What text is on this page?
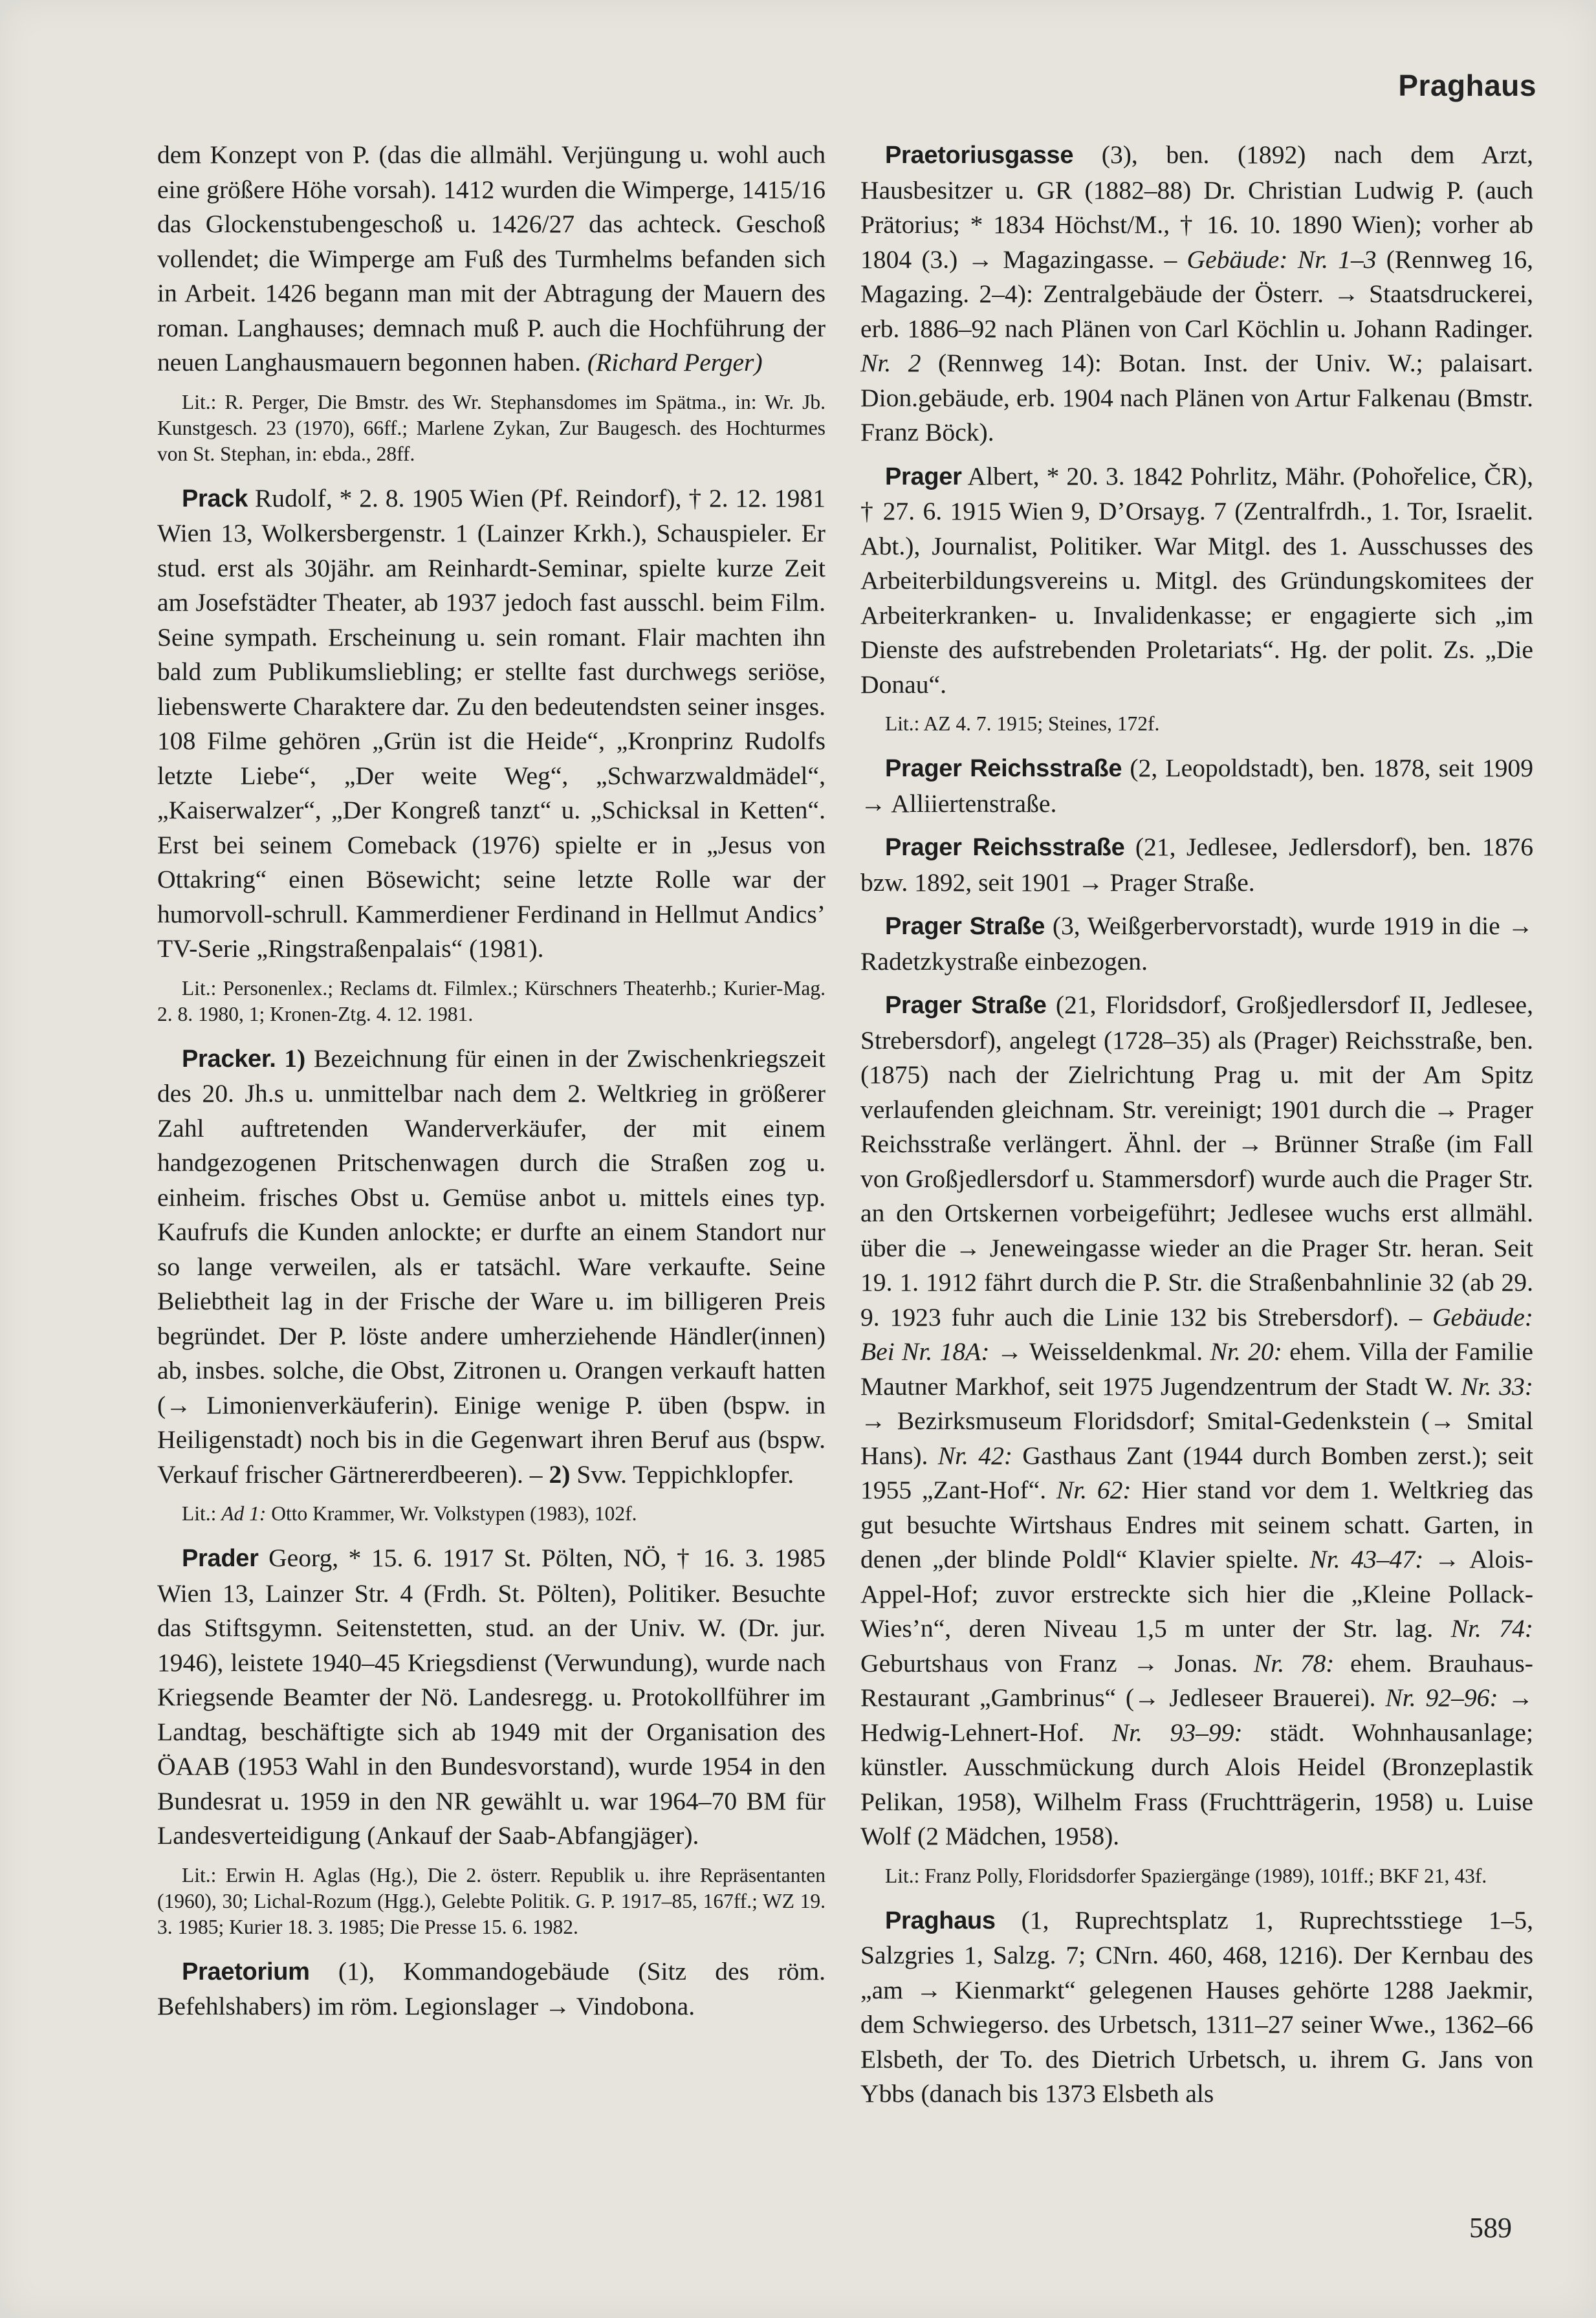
Praghaus

dem Konzept von P. (das die allmähl. Verjüngung u. wohl auch eine größere Höhe vorsah). 1412 wurden die Wimperge, 1415/16 das Glockenstubengeschoß u. 1426/27 das achteck. Geschoß vollendet; die Wimperge am Fuß des Turmhelms befanden sich in Arbeit. 1426 begann man mit der Abtragung der Mauern des roman. Langhauses; demnach muß P. auch die Hochführung der neuen Langhausmauern begonnen haben. (Richard Perger)

Lit.: R. Perger, Die Bmstr. des Wr. Stephansdomes im Spätma., in: Wr. Jb. Kunstgesch. 23 (1970), 66ff.; Marlene Zykan, Zur Baugesch. des Hochturmes von St. Stephan, in: ebda., 28ff.

Prack Rudolf, * 2. 8. 1905 Wien (Pf. Reindorf), † 2. 12. 1981 Wien 13, Wolkersbergenstr. 1 (Lainzer Krkh.), Schauspieler. Er stud. erst als 30jähr. am Reinhardt-Seminar, spielte kurze Zeit am Josefstädter Theater, ab 1937 jedoch fast ausschl. beim Film. Seine sympath. Erscheinung u. sein romant. Flair machten ihn bald zum Publikumsliebling; er stellte fast durchwegs seriöse, liebenswerte Charaktere dar. Zu den bedeutendsten seiner insges. 108 Filme gehören „Grün ist die Heide“, „Kronprinz Rudolfs letzte Liebe“, „Der weite Weg“, „Schwarzwaldmädel“, „Kaiserwalzer“, „Der Kongreß tanzt“ u. „Schicksal in Ketten“. Erst bei seinem Comeback (1976) spielte er in „Jesus von Ottakring“ einen Bösewicht; seine letzte Rolle war der humorvoll-schrull. Kammerdiener Ferdinand in Hellmut Andics’ TV-Serie „Ringstraßenpalais“ (1981).

Lit.: Personenlex.; Reclams dt. Filmlex.; Kürschners Theaterhb.; Kurier-Mag. 2. 8. 1980, 1; Kronen-Ztg. 4. 12. 1981.

Pracker. 1) Bezeichnung für einen in der Zwischenkriegszeit des 20. Jh.s u. unmittelbar nach dem 2. Weltkrieg in größerer Zahl auftretenden Wanderverkäufer, der mit einem handgezogenen Pritschenwagen durch die Straßen zog u. einheim. frisches Obst u. Gemüse anbot u. mittels eines typ. Kaufrufs die Kunden anlockte; er durfte an einem Standort nur so lange verweilen, als er tatsächl. Ware verkaufte. Seine Beliebtheit lag in der Frische der Ware u. im billigeren Preis begründet. Der P. löste andere umherziehende Händler(innen) ab, insbes. solche, die Obst, Zitronen u. Orangen verkauft hatten (→ Limonienverkäuferin). Einige wenige P. üben (bspw. in Heiligenstadt) noch bis in die Gegenwart ihren Beruf aus (bspw. Verkauf frischer Gärtnererdbeeren). – 2) Svw. Teppichklopfer.

Lit.: Ad 1: Otto Krammer, Wr. Volkstypen (1983), 102f.

Prader Georg, * 15. 6. 1917 St. Pölten, NÖ, † 16. 3. 1985 Wien 13, Lainzer Str. 4 (Frdh. St. Pölten), Politiker. Besuchte das Stiftsgymn. Seitenstetten, stud. an der Univ. W. (Dr. jur. 1946), leistete 1940–45 Kriegsdienst (Verwundung), wurde nach Kriegsende Beamter der Nö. Landesregg. u. Protokollführer im Landtag, beschäftigte sich ab 1949 mit der Organisation des ÖAAB (1953 Wahl in den Bundesvorstand), wurde 1954 in den Bundesrat u. 1959 in den NR gewählt u. war 1964–70 BM für Landesverteidigung (Ankauf der Saab-Abfangjäger).

Lit.: Erwin H. Aglas (Hg.), Die 2. österr. Republik u. ihre Repräsentanten (1960), 30; Lichal-Rozum (Hgg.), Gelebte Politik. G. P. 1917–85, 167ff.; WZ 19. 3. 1985; Kurier 18. 3. 1985; Die Presse 15. 6. 1982.

Praetorium (1), Kommandogebäude (Sitz des röm. Befehlshabers) im röm. Legionslager → Vindobona.

Praetoriusgasse (3), ben. (1892) nach dem Arzt, Hausbesitzer u. GR (1882–88) Dr. Christian Ludwig P. (auch Prätorius; * 1834 Höchst/M., † 16. 10. 1890 Wien); vorher ab 1804 (3.) → Magazingasse. – Gebäude: Nr. 1–3 (Rennweg 16, Magazing. 2–4): Zentralgebäude der Österr. → Staatsdruckerei, erb. 1886–92 nach Plänen von Carl Köchlin u. Johann Radinger. Nr. 2 (Rennweg 14): Botan. Inst. der Univ. W.; palaisart. Dion.gebäude, erb. 1904 nach Plänen von Artur Falkenau (Bmstr. Franz Böck).

Prager Albert, * 20. 3. 1842 Pohrlitz, Mähr. (Pohořelice, ČR), † 27. 6. 1915 Wien 9, D’Orsayg. 7 (Zentralfrdh., 1. Tor, Israelit. Abt.), Journalist, Politiker. War Mitgl. des 1. Ausschusses des Arbeiterbildungsvereins u. Mitgl. des Gründungskomitees der Arbeiterkranken- u. Invalidenkasse; er engagierte sich „im Dienste des aufstrebenden Proletariats“. Hg. der polit. Zs. „Die Donau“.

Lit.: AZ 4. 7. 1915; Steines, 172f.

Prager Reichsstraße (2, Leopoldstadt), ben. 1878, seit 1909 → Alliiertenstraße.

Prager Reichsstraße (21, Jedlesee, Jedlersdorf), ben. 1876 bzw. 1892, seit 1901 → Prager Straße.

Prager Straße (3, Weißgerbervorstadt), wurde 1919 in die → Radetzkystraße einbezogen.

Prager Straße (21, Floridsdorf, Großjedlersdorf II, Jedlesee, Strebersdorf), angelegt (1728–35) als (Prager) Reichsstraße, ben. (1875) nach der Zielrichtung Prag u. mit der Am Spitz verlaufenden gleichnam. Str. vereinigt; 1901 durch die → Prager Reichsstraße verlängert. Ähnl. der → Brünner Straße (im Fall von Großjedlersdorf u. Stammersdorf) wurde auch die Prager Str. an den Ortskernen vorbeigeführt; Jedlesee wuchs erst allmähl. über die → Jeneweingasse wieder an die Prager Str. heran. Seit 19. 1. 1912 fährt durch die P. Str. die Straßenbahnlinie 32 (ab 29. 9. 1923 fuhr auch die Linie 132 bis Strebersdorf). – Gebäude: Bei Nr. 18A: → Weisseldenkmal. Nr. 20: ehem. Villa der Familie Mautner Markhof, seit 1975 Jugendzentrum der Stadt W. Nr. 33: → Bezirksmuseum Floridsdorf; Smital-Gedenkstein (→ Smital Hans). Nr. 42: Gasthaus Zant (1944 durch Bomben zerst.); seit 1955 „Zant-Hof“. Nr. 62: Hier stand vor dem 1. Weltkrieg das gut besuchte Wirtshaus Endres mit seinem schatt. Garten, in denen „der blinde Poldl“ Klavier spielte. Nr. 43–47: → Alois-Appel-Hof; zuvor erstreckte sich hier die „Kleine Pollack-Wies’n“, deren Niveau 1,5 m unter der Str. lag. Nr. 74: Geburtshaus von Franz → Jonas. Nr. 78: ehem. Brauhaus-Restaurant „Gambrinus“ (→ Jedleseer Brauerei). Nr. 92–96: → Hedwig-Lehnert-Hof. Nr. 93–99: städt. Wohnhausanlage; künstler. Ausschmückung durch Alois Heidel (Bronzeplastik Pelikan, 1958), Wilhelm Frass (Fruchtträgerin, 1958) u. Luise Wolf (2 Mädchen, 1958).

Lit.: Franz Polly, Floridsdorfer Spaziergänge (1989), 101ff.; BKF 21, 43f.

Praghaus (1, Ruprechtsplatz 1, Ruprechtsstiege 1–5, Salzgries 1, Salzg. 7; CNrn. 460, 468, 1216). Der Kernbau des „am → Kienmarkt“ gelegenen Hauses gehörte 1288 Jaekmir, dem Schwiegerso. des Urbetsch, 1311–27 seiner Wwe., 1362–66 Elsbeth, der To. des Dietrich Urbetsch, u. ihrem G. Jans von Ybbs (danach bis 1373 Elsbeth als

589
